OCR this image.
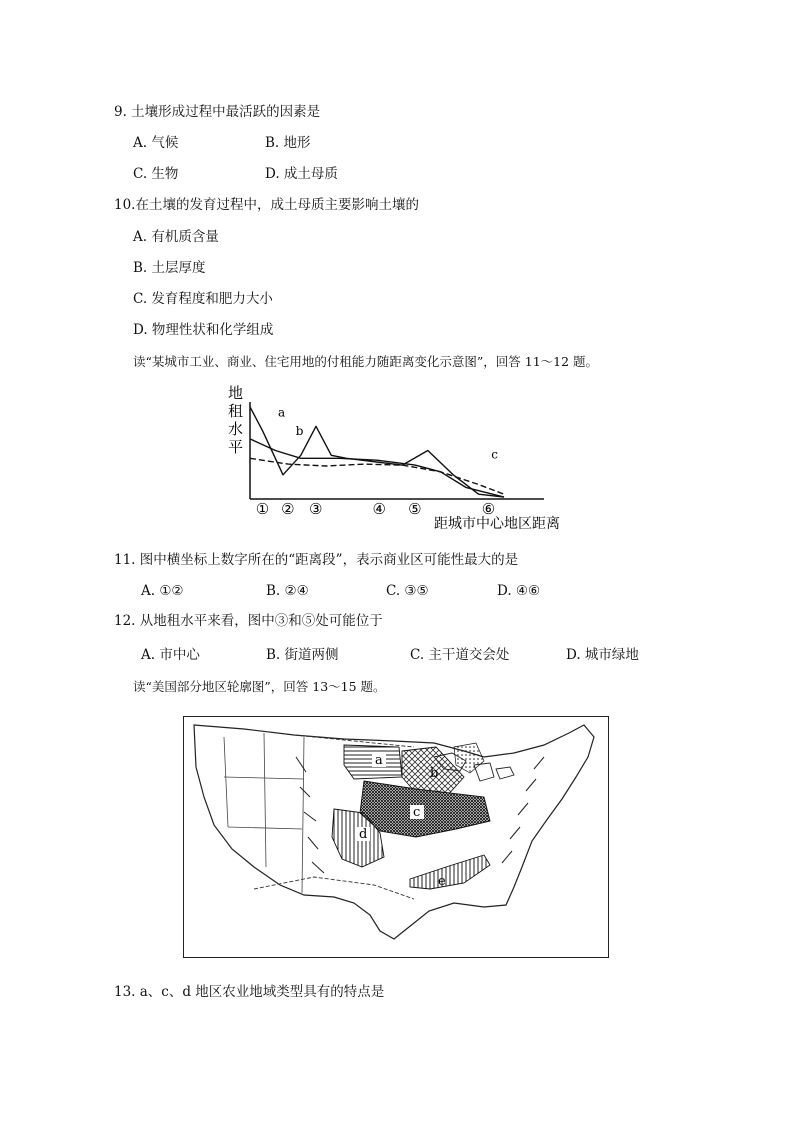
9. 土壤形成过程中最活跃的因素是
A. 气候	B. 地形
C. 生物	D. 成土母质
10.在土壤的发育过程中，成土母质主要影响土壤的
A. 有机质含量
B. 土层厚度
C. 发育程度和肥力大小
D. 物理性状和化学组成
读“某城市工业、商业、住宅用地的付租能力随距离变化示意图”，回答 11～12 题。
地
租
水
平
a
b
c
① ② ③	④ ⑤	⑥
距城市中心地区距离
11. 图中横坐标上数字所在的“距离段”，表示商业区可能性最大的是
A. ①②	B. ②④	C. ③⑤	D. ④⑥
12. 从地租水平来看，图中③和⑤处可能位于
A. 市中心	B. 街道两侧	C. 主干道交会处	D. 城市绿地
读“美国部分地区轮廓图”，回答 13～15 题。
a
b
c
d
e
13. a、c、d 地区农业地域类型具有的特点是
